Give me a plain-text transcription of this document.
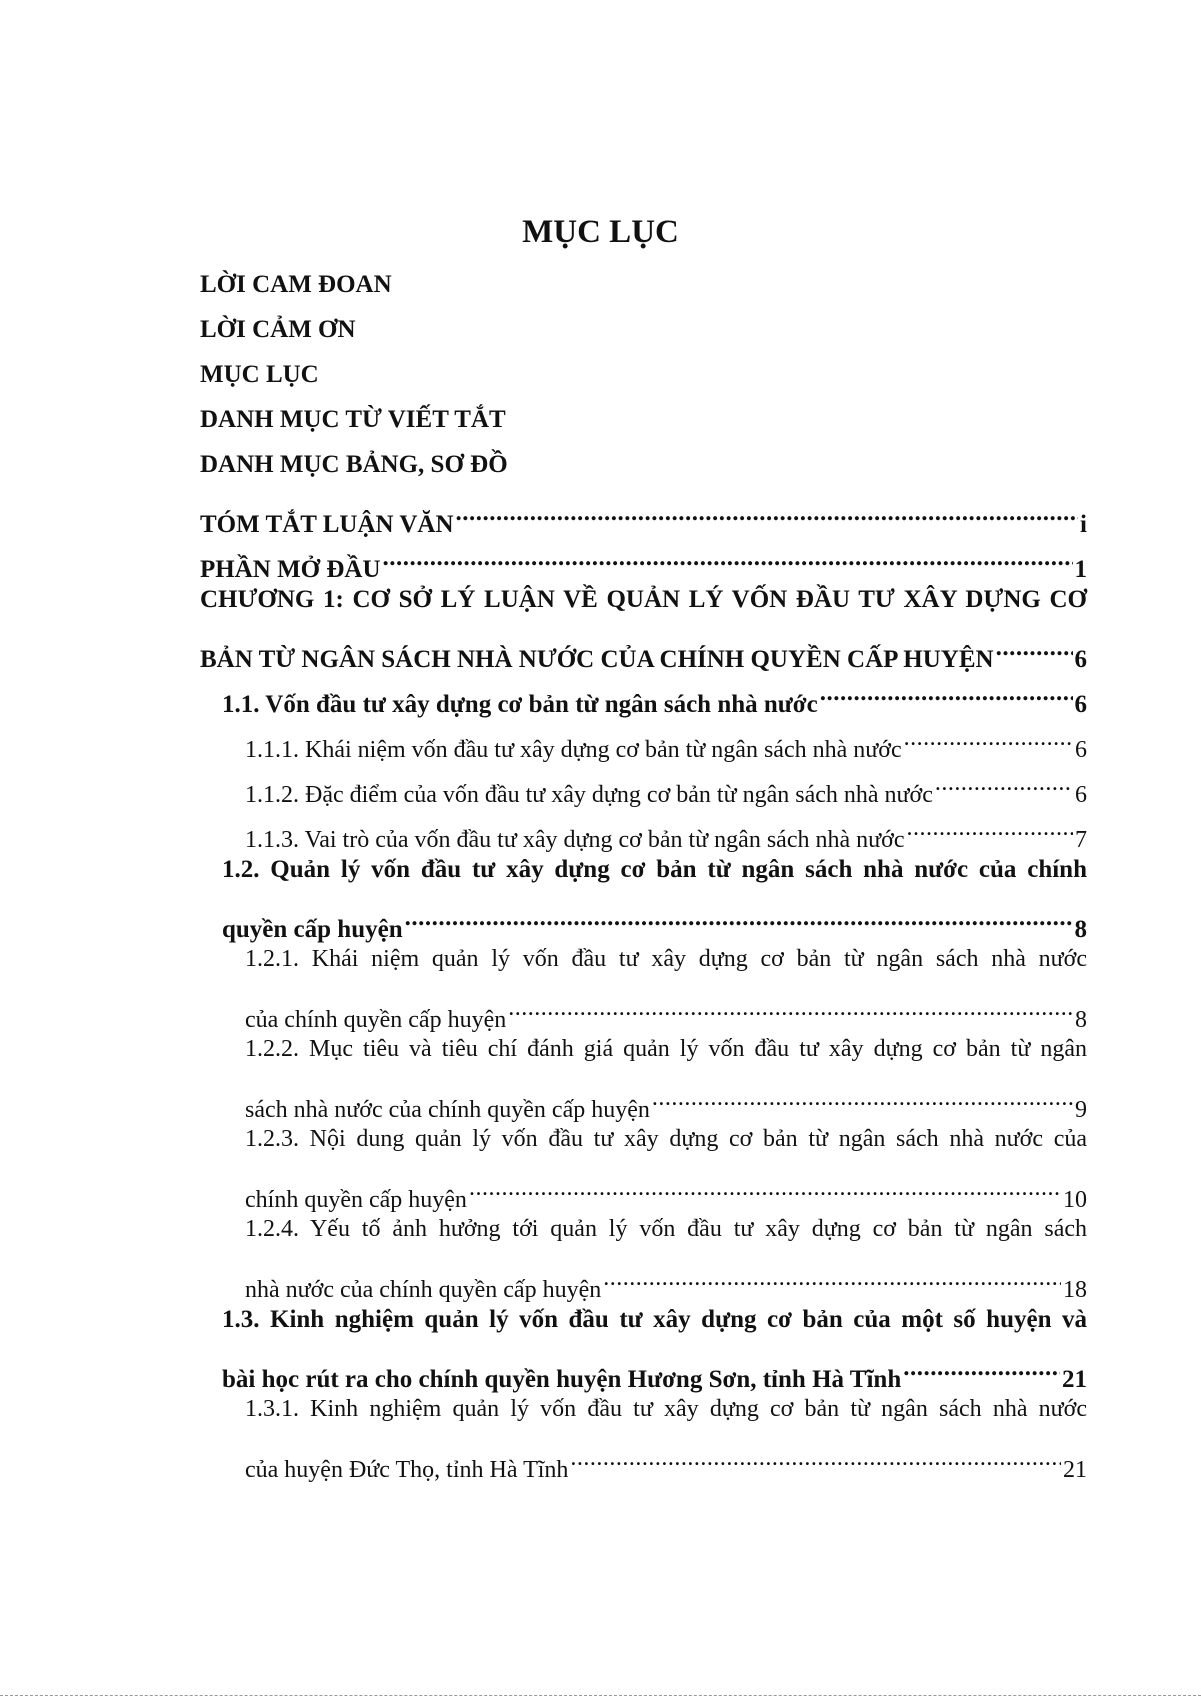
MỤC LỤC
LỜI CAM ĐOAN
LỜI CẢM ƠN
MỤC LỤC
DANH MỤC TỪ VIẾT TẮT
DANH MỤC BẢNG, SƠ ĐỒ
TÓM TẮT LUẬN VĂN .....	i
PHẦN MỞ ĐẦU .....	1
CHƯƠNG 1: CƠ SỞ LÝ LUẬN VỀ QUẢN LÝ VỐN ĐẦU TƯ XÂY DỰNG CƠ
BẢN TỪ NGÂN SÁCH NHÀ NƯỚC CỦA CHÍNH QUYỀN CẤP HUYỆN .....	6
1.1. Vốn đầu tư xây dựng cơ bản từ ngân sách nhà nước .....	6
1.1.1. Khái niệm vốn đầu tư xây dựng cơ bản từ ngân sách nhà nước .....	6
1.1.2. Đặc điểm của vốn đầu tư xây dựng cơ bản từ ngân sách nhà nước .....	6
1.1.3. Vai trò của vốn đầu tư xây dựng cơ bản từ ngân sách nhà nước .....	7
1.2. Quản lý vốn đầu tư xây dựng cơ bản từ ngân sách nhà nước của chính
quyền cấp huyện .....	8
1.2.1. Khái niệm quản lý vốn đầu tư xây dựng cơ bản từ ngân sách nhà nước
của chính quyền cấp huyện .....	8
1.2.2. Mục tiêu và tiêu chí đánh giá quản lý vốn đầu tư xây dựng cơ bản từ ngân
sách nhà nước của chính quyền cấp huyện .....	9
1.2.3. Nội dung quản lý vốn đầu tư xây dựng cơ bản từ ngân sách nhà nước của
chính quyền cấp huyện .....	10
1.2.4. Yếu tố ảnh hưởng tới quản lý vốn đầu tư xây dựng cơ bản từ ngân sách
nhà nước của chính quyền cấp huyện .....	18
1.3. Kinh nghiệm quản lý vốn đầu tư xây dựng cơ bản của một số huyện và
bài học rút ra cho chính quyền huyện Hương Sơn, tỉnh Hà Tĩnh .....	21
1.3.1. Kinh nghiệm quản lý vốn đầu tư xây dựng cơ bản từ ngân sách nhà nước
của huyện Đức Thọ, tỉnh Hà Tĩnh .....	21
